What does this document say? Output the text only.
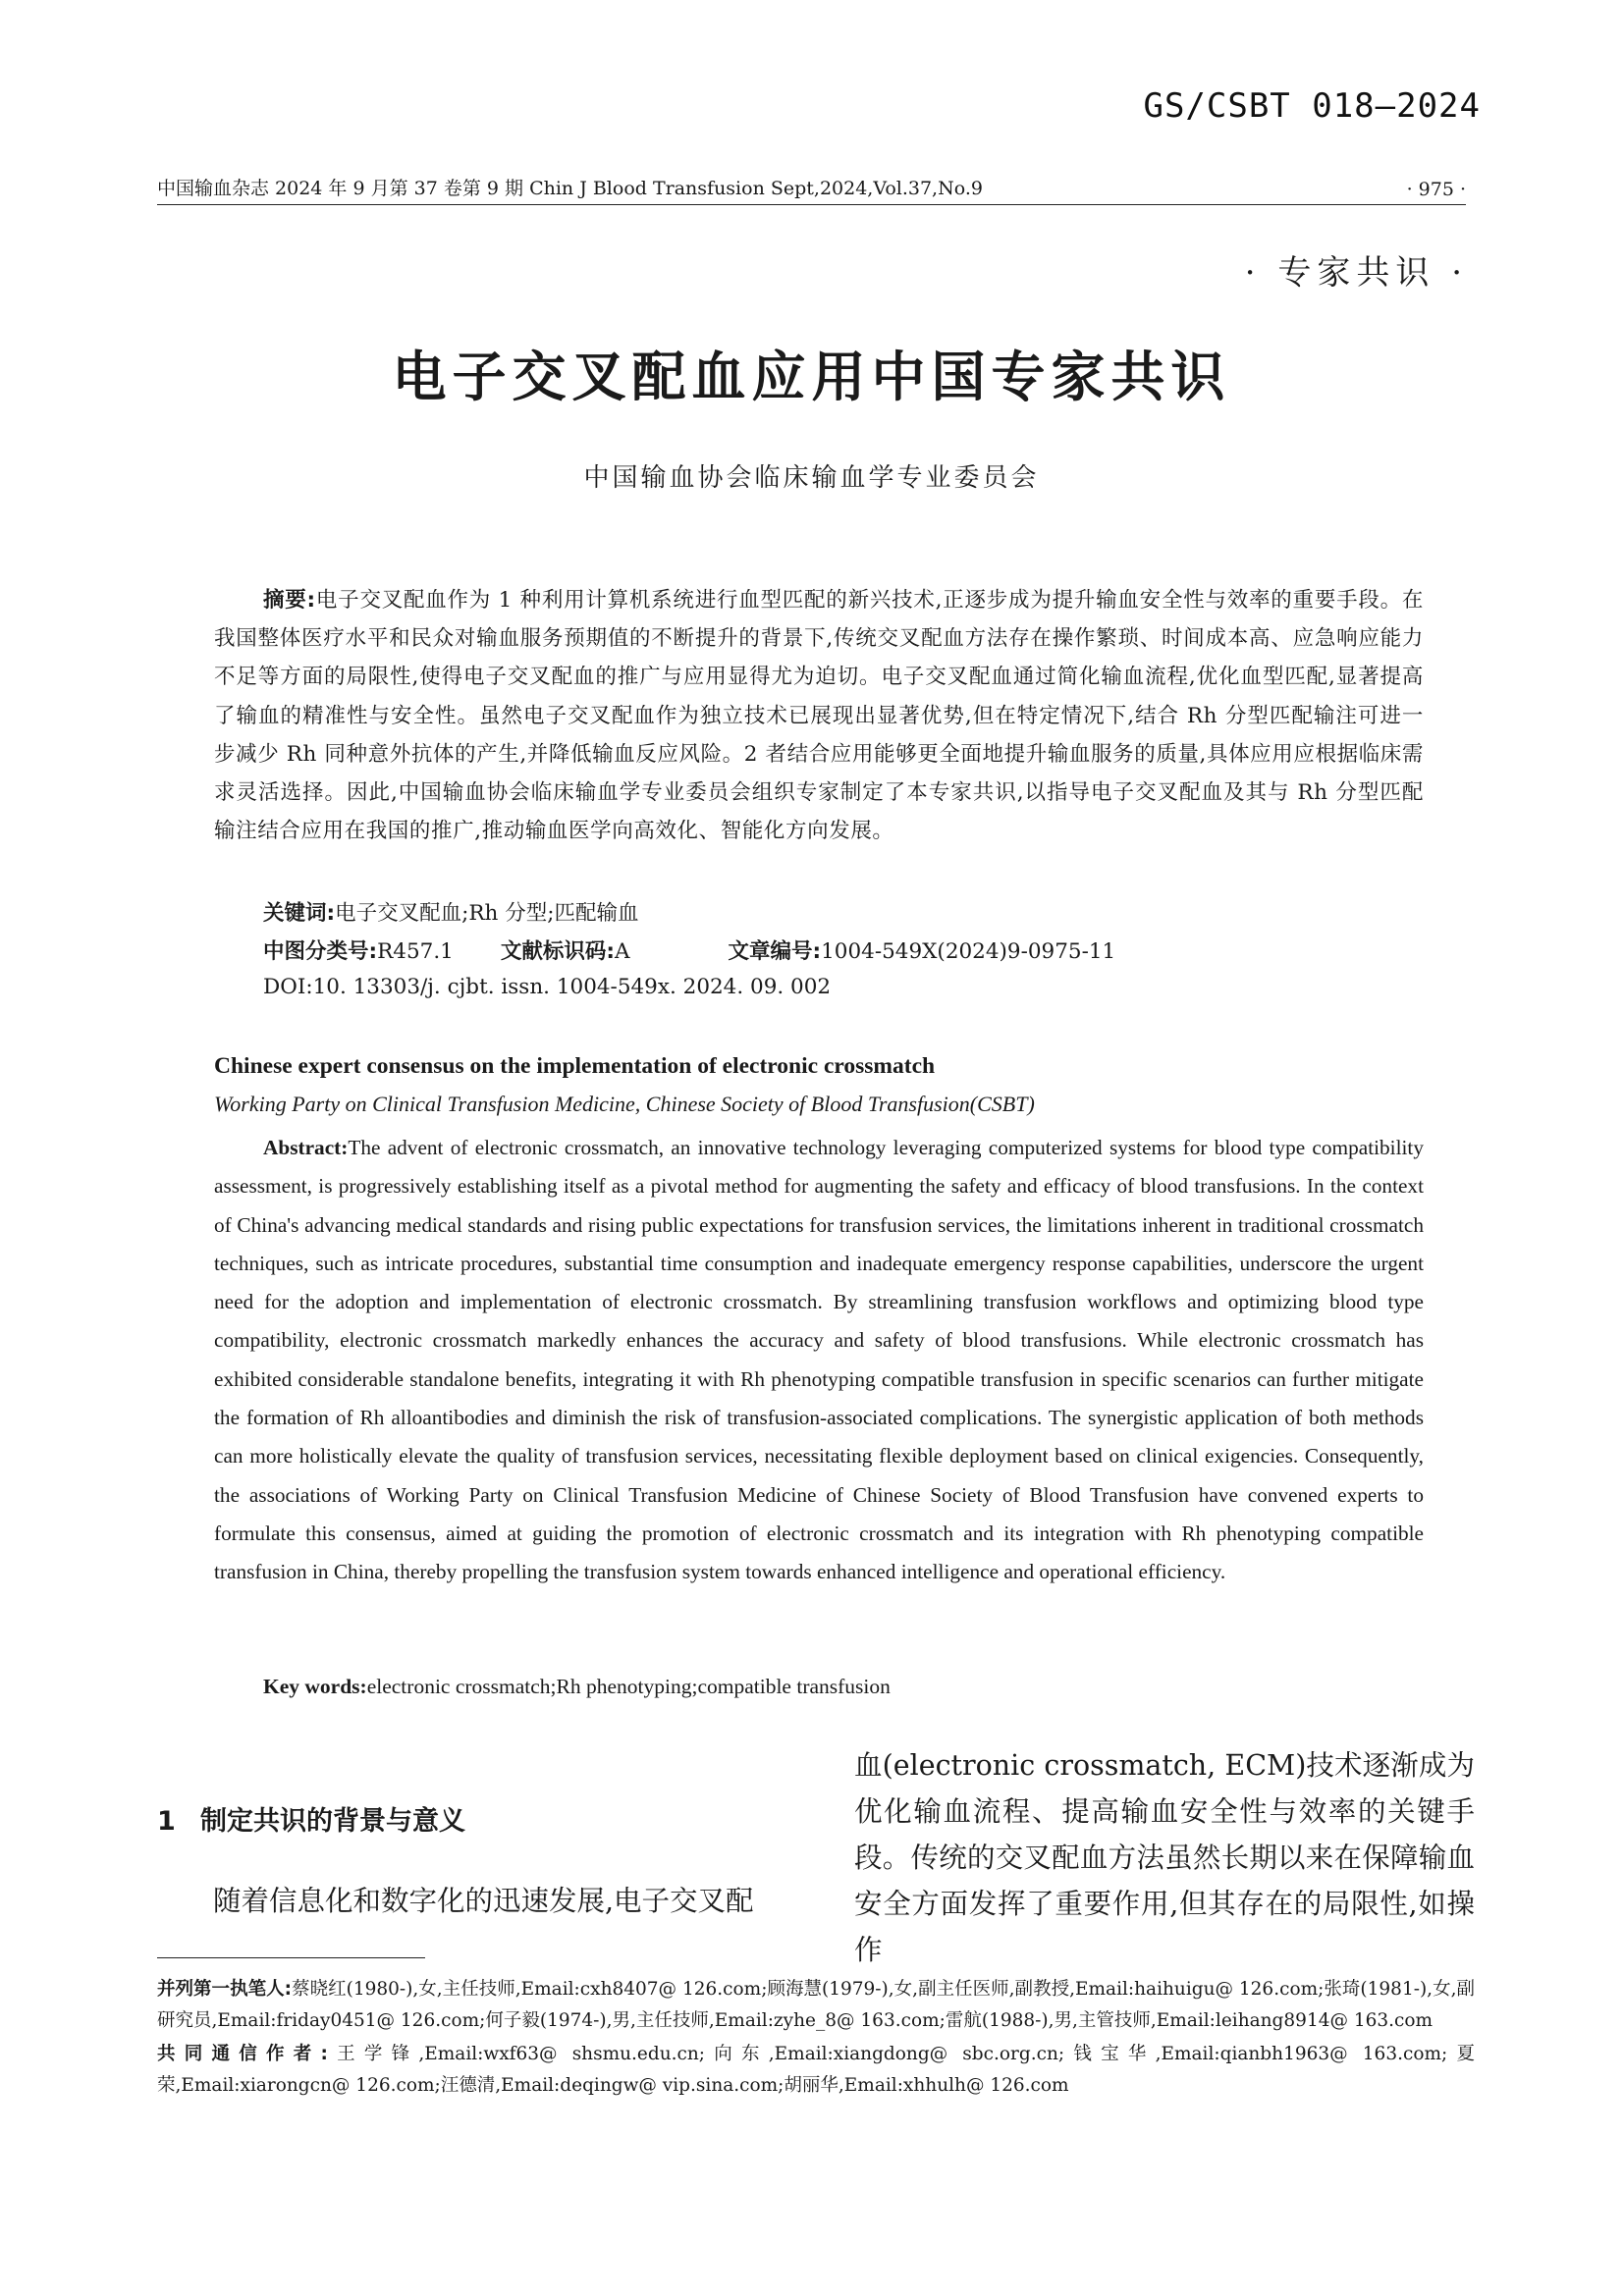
GS/CSBT 018—2024
中国输血杂志 2024 年 9 月第 37 卷第 9 期 Chin J Blood Transfusion Sept,2024,Vol.37,No.9	· 975 ·
· 专家共识 ·
电子交叉配血应用中国专家共识
中国输血协会临床输血学专业委员会
摘要:电子交叉配血作为 1 种利用计算机系统进行血型匹配的新兴技术,正逐步成为提升输血安全性与效率的重要手段。在我国整体医疗水平和民众对输血服务预期值的不断提升的背景下,传统交叉配血方法存在操作繁琐、时间成本高、应急响应能力不足等方面的局限性,使得电子交叉配血的推广与应用显得尤为迫切。电子交叉配血通过简化输血流程,优化血型匹配,显著提高了输血的精准性与安全性。虽然电子交叉配血作为独立技术已展现出显著优势,但在特定情况下,结合 Rh 分型匹配输注可进一步减少 Rh 同种意外抗体的产生,并降低输血反应风险。2 者结合应用能够更全面地提升输血服务的质量,具体应用应根据临床需求灵活选择。因此,中国输血协会临床输血学专业委员会组织专家制定了本专家共识,以指导电子交叉配血及其与 Rh 分型匹配输注结合应用在我国的推广,推动输血医学向高效化、智能化方向发展。
关键词:电子交叉配血;Rh 分型;匹配输血
中图分类号:R457.1 文献标识码:A	文章编号:1004-549X(2024)9-0975-11
DOI:10. 13303/j. cjbt. issn. 1004-549x. 2024. 09. 002
Chinese expert consensus on the implementation of electronic crossmatch
Working Party on Clinical Transfusion Medicine, Chinese Society of Blood Transfusion(CSBT)
Abstract:The advent of electronic crossmatch, an innovative technology leveraging computerized systems for blood type compatibility assessment, is progressively establishing itself as a pivotal method for augmenting the safety and efficacy of blood transfusions. In the context of China's advancing medical standards and rising public expectations for transfusion services, the limitations inherent in traditional crossmatch techniques, such as intricate procedures, substantial time consumption and inadequate emergency response capabilities, underscore the urgent need for the adoption and implementation of electronic crossmatch. By streamlining transfusion workflows and optimizing blood type compatibility, electronic crossmatch markedly enhances the accuracy and safety of blood transfusions. While electronic crossmatch has exhibited considerable standalone benefits, integrating it with Rh phenotyping compatible transfusion in specific scenarios can further mitigate the formation of Rh alloantibodies and diminish the risk of transfusion-associated complications. The synergistic application of both methods can more holistically elevate the quality of transfusion services, necessitating flexible deployment based on clinical exigencies. Consequently, the associations of Working Party on Clinical Transfusion Medicine of Chinese Society of Blood Transfusion have convened experts to formulate this consensus, aimed at guiding the promotion of electronic crossmatch and its integration with Rh phenotyping compatible transfusion in China, thereby propelling the transfusion system towards enhanced intelligence and operational efficiency.
Key words:electronic crossmatch;Rh phenotyping;compatible transfusion
1 制定共识的背景与意义
随着信息化和数字化的迅速发展,电子交叉配
血(electronic crossmatch, ECM)技术逐渐成为优化输血流程、提高输血安全性与效率的关键手段。传统的交叉配血方法虽然长期以来在保障输血安全方面发挥了重要作用,但其存在的局限性,如操作

并列第一执笔人:蔡晓红(1980-),女,主任技师,Email:cxh8407@ 126.com;顾海慧(1979-),女,副主任医师,副教授,Email:haihuigu@ 126.com;张琦(1981-),女,副研究员,Email:friday0451@ 126.com;何子毅(1974-),男,主任技师,Email:zyhe_8@ 163.com;雷航(1988-),男,主管技师,Email:leihang8914@ 163.com

共同通信作者:王学锋,Email:wxf63@ shsmu.edu.cn;向东,Email:xiangdong@ sbc.org.cn;钱宝华,Email:qianbh1963@ 163.com;夏荣,Email:xiarongcn@ 126.com;汪德清,Email:deqingw@ vip.sina.com;胡丽华,Email:xhhulh@ 126.com
